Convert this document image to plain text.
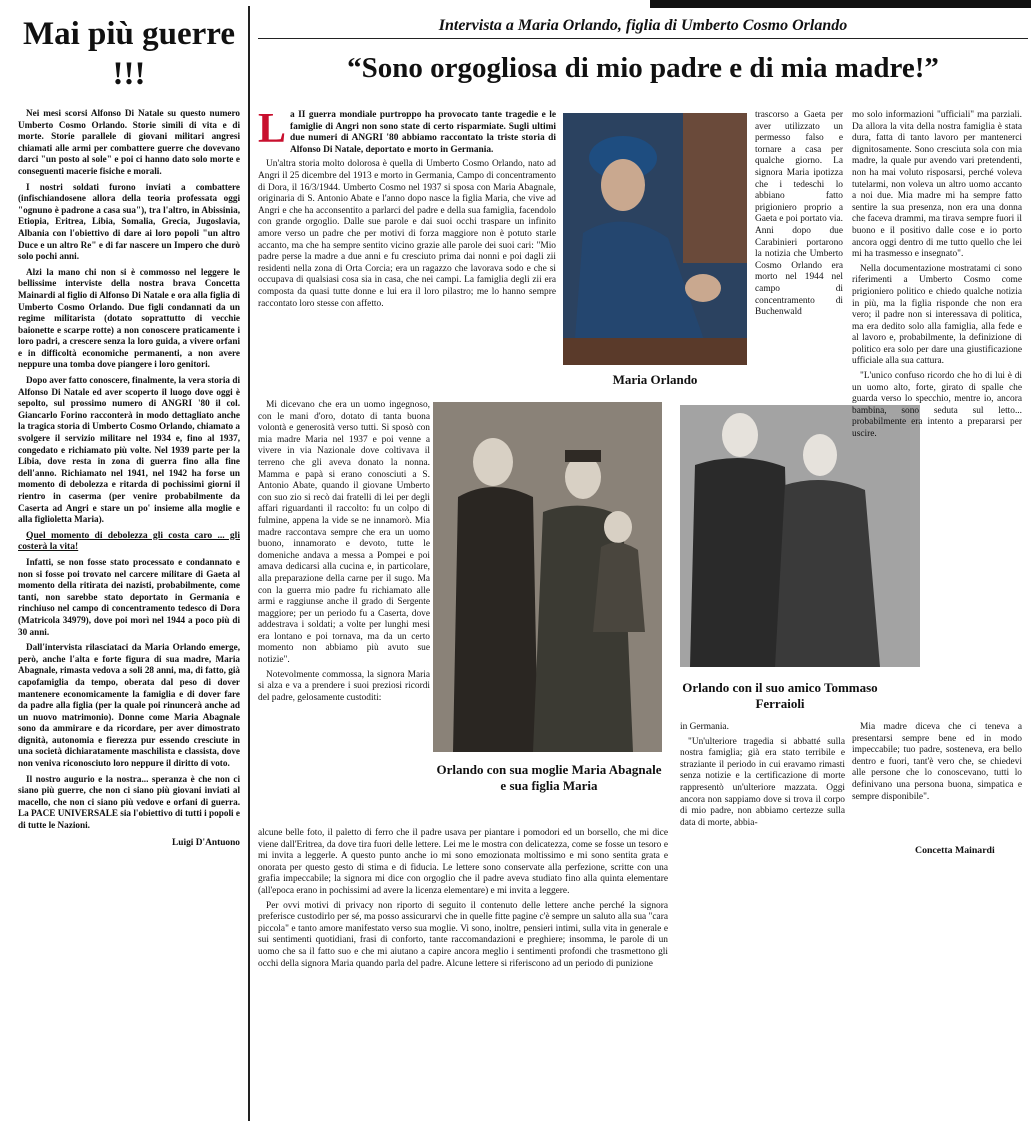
Mai più guerre !!!

Nei mesi scorsi Alfonso Di Natale su questo numero Umberto Cosmo Orlando. Storie simili di vita e di morte. Storie parallele di giovani militari angresi chiamati alle armi per combattere guerre che dovevano darci "un posto al sole" e poi ci hanno dato solo morte e conseguenti macerie fisiche e morali.

I nostri soldati furono inviati a combattere (infischiandosene allora della teoria professata oggi "ognuno è padrone a casa sua"), tra l'altro, in Abissinia, Etiopia, Eritrea, Libia, Somalia, Grecia, Jugoslavia, Albania con l'obiettivo di dare ai loro popoli "un altro Duce e un altro Re" e di far nascere un Impero che durò solo pochi anni.

Alzi la mano chi non si è commosso nel leggere le bellissime interviste della nostra brava Concetta Mainardi al figlio di Alfonso Di Natale e ora alla figlia di Umberto Cosmo Orlando. Due figli condannati da un regime militarista (dotato soprattutto di vecchie baionette e scarpe rotte) a non conoscere praticamente i loro padri, a crescere senza la loro guida, a vivere orfani e in difficoltà economiche permanenti, a non avere neppure una tomba dove piangere i loro genitori.

Dopo aver fatto conoscere, finalmente, la vera storia di Alfonso Di Natale ed aver scoperto il luogo dove oggi è sepolto, sul prossimo numero di ANGRI '80 il col. Giancarlo Forino racconterà in modo dettagliato anche la tragica storia di Umberto Cosmo Orlando, chiamato a svolgere il servizio militare nel 1934 e, fino al 1937, congedato e richiamato più volte. Nel 1939 parte per la Libia, dove resta in zona di guerra fino alla fine dell'anno. Richiamato nel 1941, nel 1942 ha forse un momento di debolezza e ritarda di pochissimi giorni il rientro in caserma (per venire probabilmente da Caserta ad Angri e stare un po' insieme alla moglie e alla figlioletta Maria).

Quel momento di debolezza gli costa caro ... gli costerà la vita!

Infatti, se non fosse stato processato e condannato e non si fosse poi trovato nel carcere militare di Gaeta al momento della ritirata dei nazisti, probabilmente, come tanti, non sarebbe stato deportato in Germania e rinchiuso nel campo di concentramento tedesco di Dora (Matricola 34979), dove poi morì nel 1944 a poco più di 30 anni.

Dall'intervista rilasciataci da Maria Orlando emerge, però, anche l'alta e forte figura di sua madre, Maria Abagnale, rimasta vedova a soli 28 anni, ma, di fatto, già capofamiglia da tempo, oberata dal peso di dover mantenere economicamente la famiglia e di dover fare da padre alla figlia (per la quale poi rinuncerà anche ad un nuovo matrimonio). Donne come Maria Abagnale sono da ammirare e da ricordare, per aver dimostrato dignità, autonomia e fierezza pur essendo cresciute in una società dichiaratamente maschilista e classista, dove non veniva riconosciuto loro neppure il diritto di voto.

Il nostro augurio e la nostra... speranza è che non ci siano più guerre, che non ci siano più giovani inviati al macello, che non ci siano più vedove e orfani di guerra. La PACE UNIVERSALE sia l'obiettivo di tutti i popoli e di tutte le Nazioni.

Luigi D'Antuono
Intervista a Maria Orlando, figlia di Umberto Cosmo Orlando
“Sono orgogliosa di mio padre e di mia madre!”

La II guerra mondiale purtroppo ha provocato tante tragedie e le famiglie di Angri non sono state di certo risparmiate. Sugli ultimi due numeri di ANGRI '80 abbiamo raccontato la triste storia di Alfonso Di Natale, deportato e morto in Germania.

Un'altra storia molto dolorosa è quella di Umberto Cosmo Orlando, nato ad Angri il 25 dicembre del 1913 e morto in Germania, Campo di concentramento di Dora, il 16/3/1944. Umberto Cosmo nel 1937 si sposa con Maria Abagnale, originaria di S. Antonio Abate e l'anno dopo nasce la figlia Maria, che vive ad Angri e che ha acconsentito a parlarci del padre e della sua famiglia, facendolo con grande orgoglio. Dalle sue parole e dai suoi occhi traspare un infinito amore verso un padre che per motivi di forza maggiore non è potuto starle accanto, ma che ha sempre sentito vicino grazie alle parole dei suoi cari: "Mio padre perse la madre a due anni e fu cresciuto prima dai nonni e poi dagli zii residenti nella zona di Orta Corcia; era un ragazzo che lavorava sodo e che si occupava di qualsiasi cosa sia in casa, che nei campi. La famiglia degli zii era composta da quasi tutte donne e lui era il loro pilastro; me lo hanno sempre raccontato loro stesse con affetto.

Mi dicevano che era un uomo ingegnoso, con le mani d'oro, dotato di tanta buona volontà e generosità verso tutti. Si sposò con mia madre Maria nel 1937 e poi venne a vivere in via Nazionale dove coltivava il terreno che gli aveva donato la nonna. Mamma e papà si erano conosciuti a S. Antonio Abate, quando il giovane Umberto con suo zio si recò dai fratelli di lei per degli affari riguardanti il raccolto: fu un colpo di fulmine, appena la vide se ne innamorò. Mia madre raccontava sempre che era un uomo buono, innamorato e devoto, tutte le domeniche andava a messa a Pompei e poi amava dedicarsi alla cucina e, in particolare, alla preparazione della carne per il sugo. Ma con la guerra mio padre fu richiamato alle armi e raggiunse anche il grado di Sergente maggiore; per un periodo fu a Caserta, dove addestrava i soldati; a volte per lunghi mesi era lontano e poi tornava, ma da un certo momento non abbiamo più avuto sue notizie".

Notevolmente commossa, la signora Maria si alza e va a prendere i suoi preziosi ricordi del padre, gelosamente custoditi:

alcune belle foto, il paletto di ferro che il padre usava per piantare i pomodori ed un borsello, che mi dice viene dall'Eritrea, da dove tira fuori delle lettere. Lei me le mostra con delicatezza, come se fosse un tesoro e mi invita a leggerle. A questo punto anche io mi sono emozionata moltissimo e mi sono sentita grata e onorata per questo gesto di stima e di fiducia. Le lettere sono conservate alla perfezione, scritte con una grafia impeccabile; la signora mi dice con orgoglio che il padre aveva studiato fino alla quinta elementare (all'epoca erano in pochissimi ad avere la licenza elementare) e mi invita a leggere.

Per ovvi motivi di privacy non riporto di seguito il contenuto delle lettere anche perché la signora preferisce custodirlo per sé, ma posso assicurarvi che in quelle fitte pagine c'è sempre un saluto alla sua "cara piccola" e tanto amore manifestato verso sua moglie. Vi sono, inoltre, pensieri intimi, sulla vita in generale e sui sentimenti quotidiani, frasi di conforto, tante raccomandazioni e preghiere; insomma, le parole di un uomo che sa il fatto suo e che mi aiutano a capire ancora meglio i sentimenti profondi che trasmettono gli occhi della signora Maria quando parla del padre. Alcune lettere si riferiscono ad un periodo di punizione

Maria Orlando
Orlando con sua moglie Maria Abagnale e sua figlia Maria

trascorso a Gaeta per aver utilizzato un permesso falso e tornare a casa per qualche giorno. La signora Maria ipotizza che i tedeschi lo abbiano fatto prigioniero proprio a Gaeta e poi portato via. Anni dopo due Carabinieri portarono la notizia che Umberto Cosmo Orlando era morto nel 1944 nel campo di concentramento di Buchenwald

Orlando con il suo amico Tommaso Ferraioli

in Germania.

"Un'ulteriore tragedia si abbatté sulla nostra famiglia; già era stato terribile e straziante il periodo in cui eravamo rimasti senza notizie e la certificazione di morte rappresentò un'ulteriore mazzata. Oggi ancora non sappiamo dove si trova il corpo di mio padre, non abbiamo certezze sulla data di morte, abbia-

mo solo informazioni "ufficiali" ma parziali. Da allora la vita della nostra famiglia è stata dura, fatta di tanto lavoro per mantenerci dignitosamente. Sono cresciuta sola con mia madre, la quale pur avendo vari pretendenti, non ha mai voluto risposarsi, perché voleva tutelarmi, non voleva un altro uomo accanto a noi due. Mia madre mi ha sempre fatto sentire la sua presenza, non era una donna che faceva drammi, ma tirava sempre fuori il buono e il positivo dalle cose e io porto ancora oggi dentro di me tutto quello che lei mi ha trasmesso e insegnato".

Nella documentazione mostratami ci sono riferimenti a Umberto Cosmo come prigioniero politico e chiedo qualche notizia in più, ma la figlia risponde che non era vero; il padre non si interessava di politica, ma era dedito solo alla famiglia, alla fede e al lavoro e, probabilmente, la definizione di politico era solo per dare una giustificazione ufficiale alla sua cattura.

"L'unico confuso ricordo che ho di lui è di un uomo alto, forte, girato di spalle che guarda verso lo specchio, mentre io, ancora bambina, sono seduta sul letto... probabilmente era intento a prepararsi per uscire.

Mia madre diceva che ci teneva a presentarsi sempre bene ed in modo impeccabile; tuo padre, sosteneva, era bello dentro e fuori, tant'è vero che, se chiedevi alle persone che lo conoscevano, tutti lo definivano una persona buona, simpatica e sempre disponibile".

Concetta Mainardi
